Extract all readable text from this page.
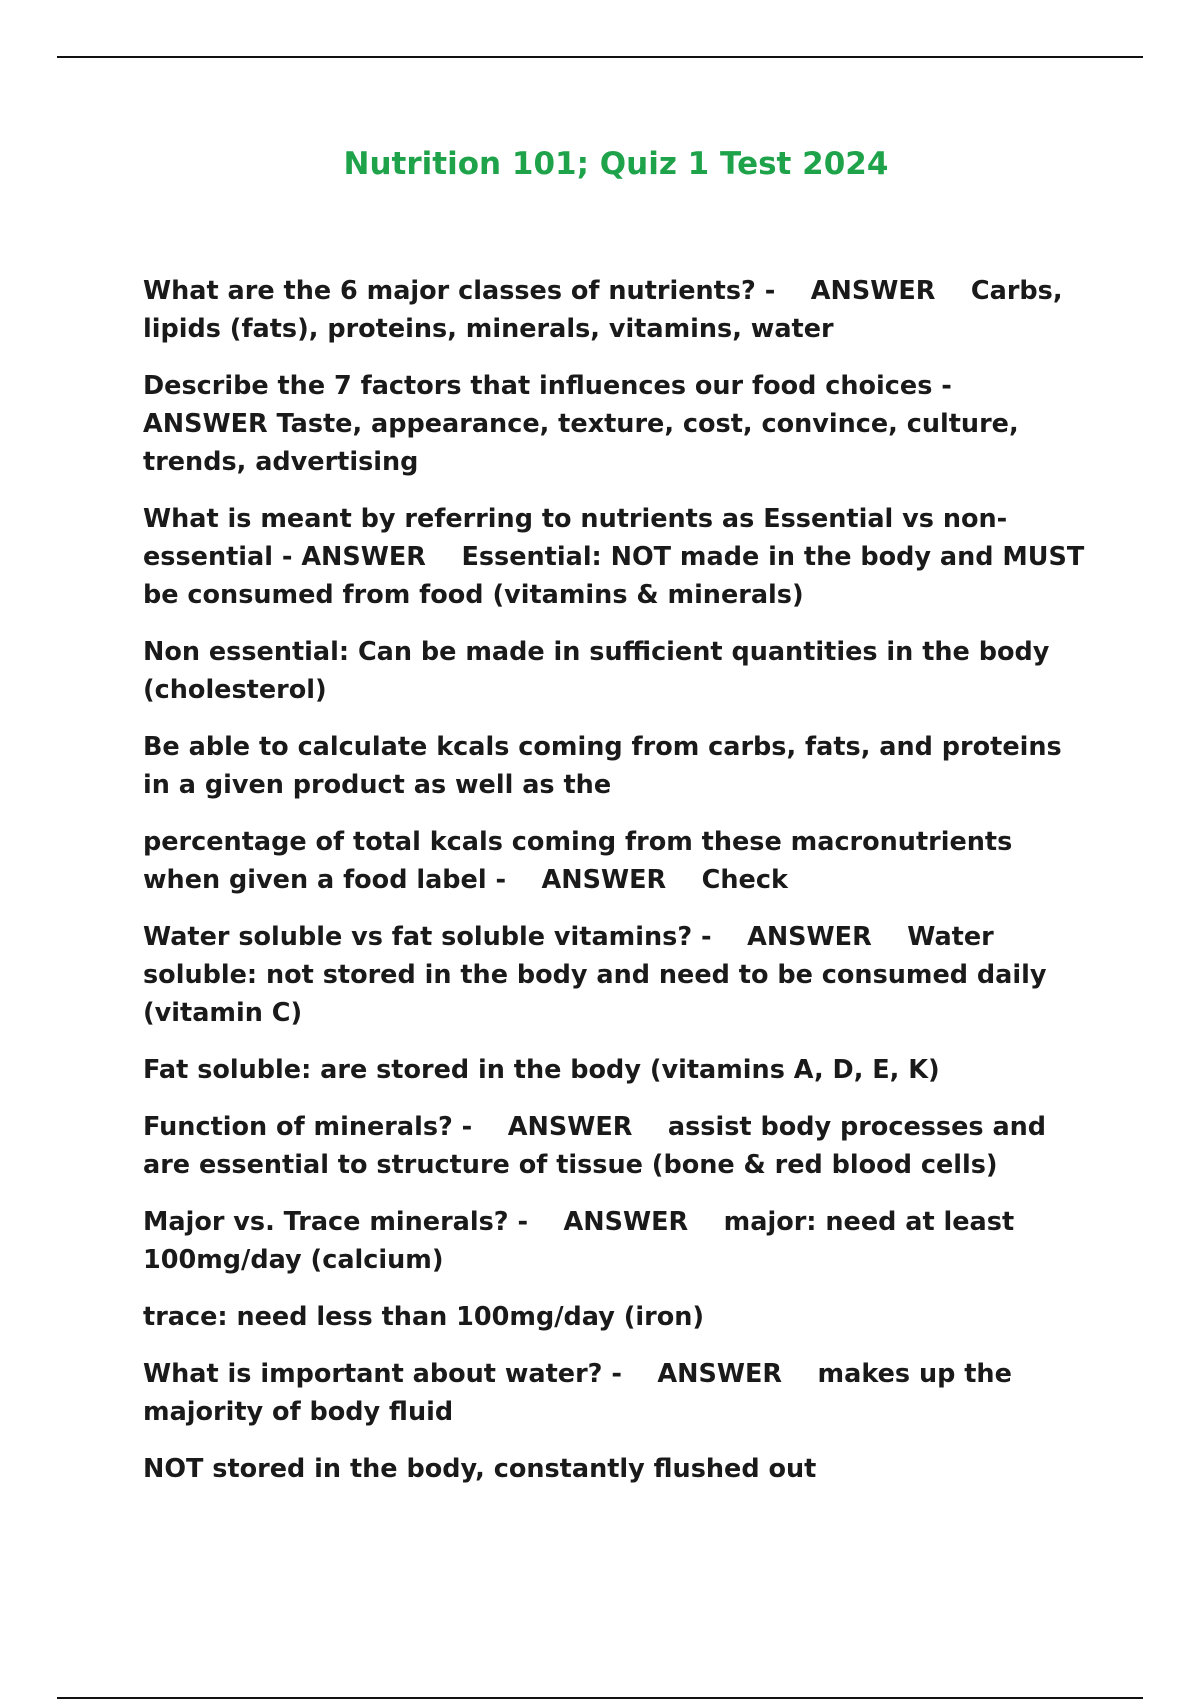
Nutrition 101; Quiz 1 Test 2024

What are the 6 major classes of nutrients? -    ANSWER    Carbs, lipids (fats), proteins, minerals, vitamins, water

Describe the 7 factors that influences our food choices -    ANSWER Taste, appearance, texture, cost, convince, culture, trends, advertising

What is meant by referring to nutrients as Essential vs non-essential - ANSWER    Essential: NOT made in the body and MUST be consumed from food (vitamins & minerals)

Non essential: Can be made in sufficient quantities in the body (cholesterol)

Be able to calculate kcals coming from carbs, fats, and proteins in a given product as well as the

percentage of total kcals coming from these macronutrients when given a food label -    ANSWER    Check

Water soluble vs fat soluble vitamins? -    ANSWER    Water soluble: not stored in the body and need to be consumed daily (vitamin C)

Fat soluble: are stored in the body (vitamins A, D, E, K)

Function of minerals? -    ANSWER    assist body processes and are essential to structure of tissue (bone & red blood cells)

Major vs. Trace minerals? -    ANSWER    major: need at least 100mg/day (calcium)

trace: need less than 100mg/day (iron)

What is important about water? -    ANSWER    makes up the majority of body fluid

NOT stored in the body, constantly flushed out
